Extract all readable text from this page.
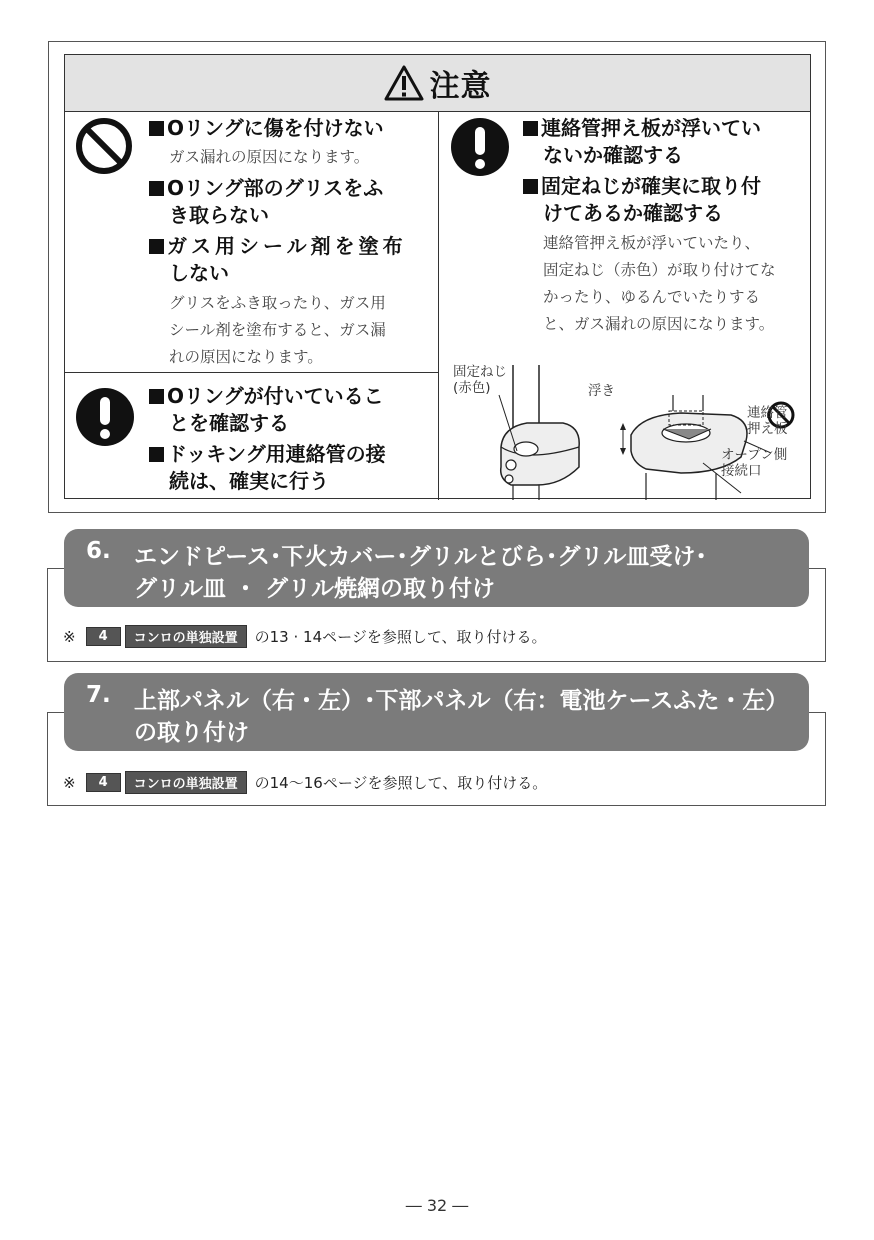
注意
Oリングに傷を付けない
ガス漏れの原因になります。
Oリング部のグリスをふ
き取らない
ガス用シール剤を塗布
しない
グリスをふき取ったり、ガス用
シール剤を塗布すると、ガス漏
れの原因になります。
Oリングが付いているこ
とを確認する
ドッキング用連絡管の接
続は、確実に行う
連絡管押え板が浮いてい
ないか確認する
固定ねじが確実に取り付
けてあるか確認する
連絡管押え板が浮いていたり、
固定ねじ（赤色）が取り付けてな
かったり、ゆるんでいたりする
と、ガス漏れの原因になります。
固定ねじ
(赤色)	浮き
連絡管
押え板
オープン側
接続口
6. エンドピース･下火カバー･グリルとびら･グリル皿受け･
グリル皿 ・ グリル焼網の取り付け
※	4	コンロの単独設置	の13 · 14ページを参照して、取り付ける。
7. 上部パネル（右・左）･下部パネル（右：電池ケースふた・左）
の取り付け
※	4	コンロの単独設置	の14～16ページを参照して、取り付ける。
― 32 ―
